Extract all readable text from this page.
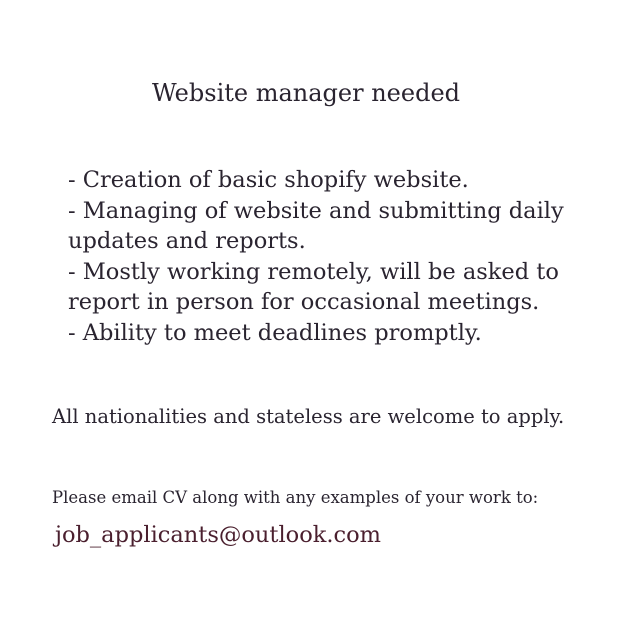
Website manager needed
- Creation of basic shopify website.
- Managing of website and submitting daily updates and reports.
- Mostly working remotely, will be asked to report in person for occasional meetings.
- Ability to meet deadlines promptly.
All nationalities and stateless are welcome to apply.
Please email CV along with any examples of your work to:
job_applicants@outlook.com
